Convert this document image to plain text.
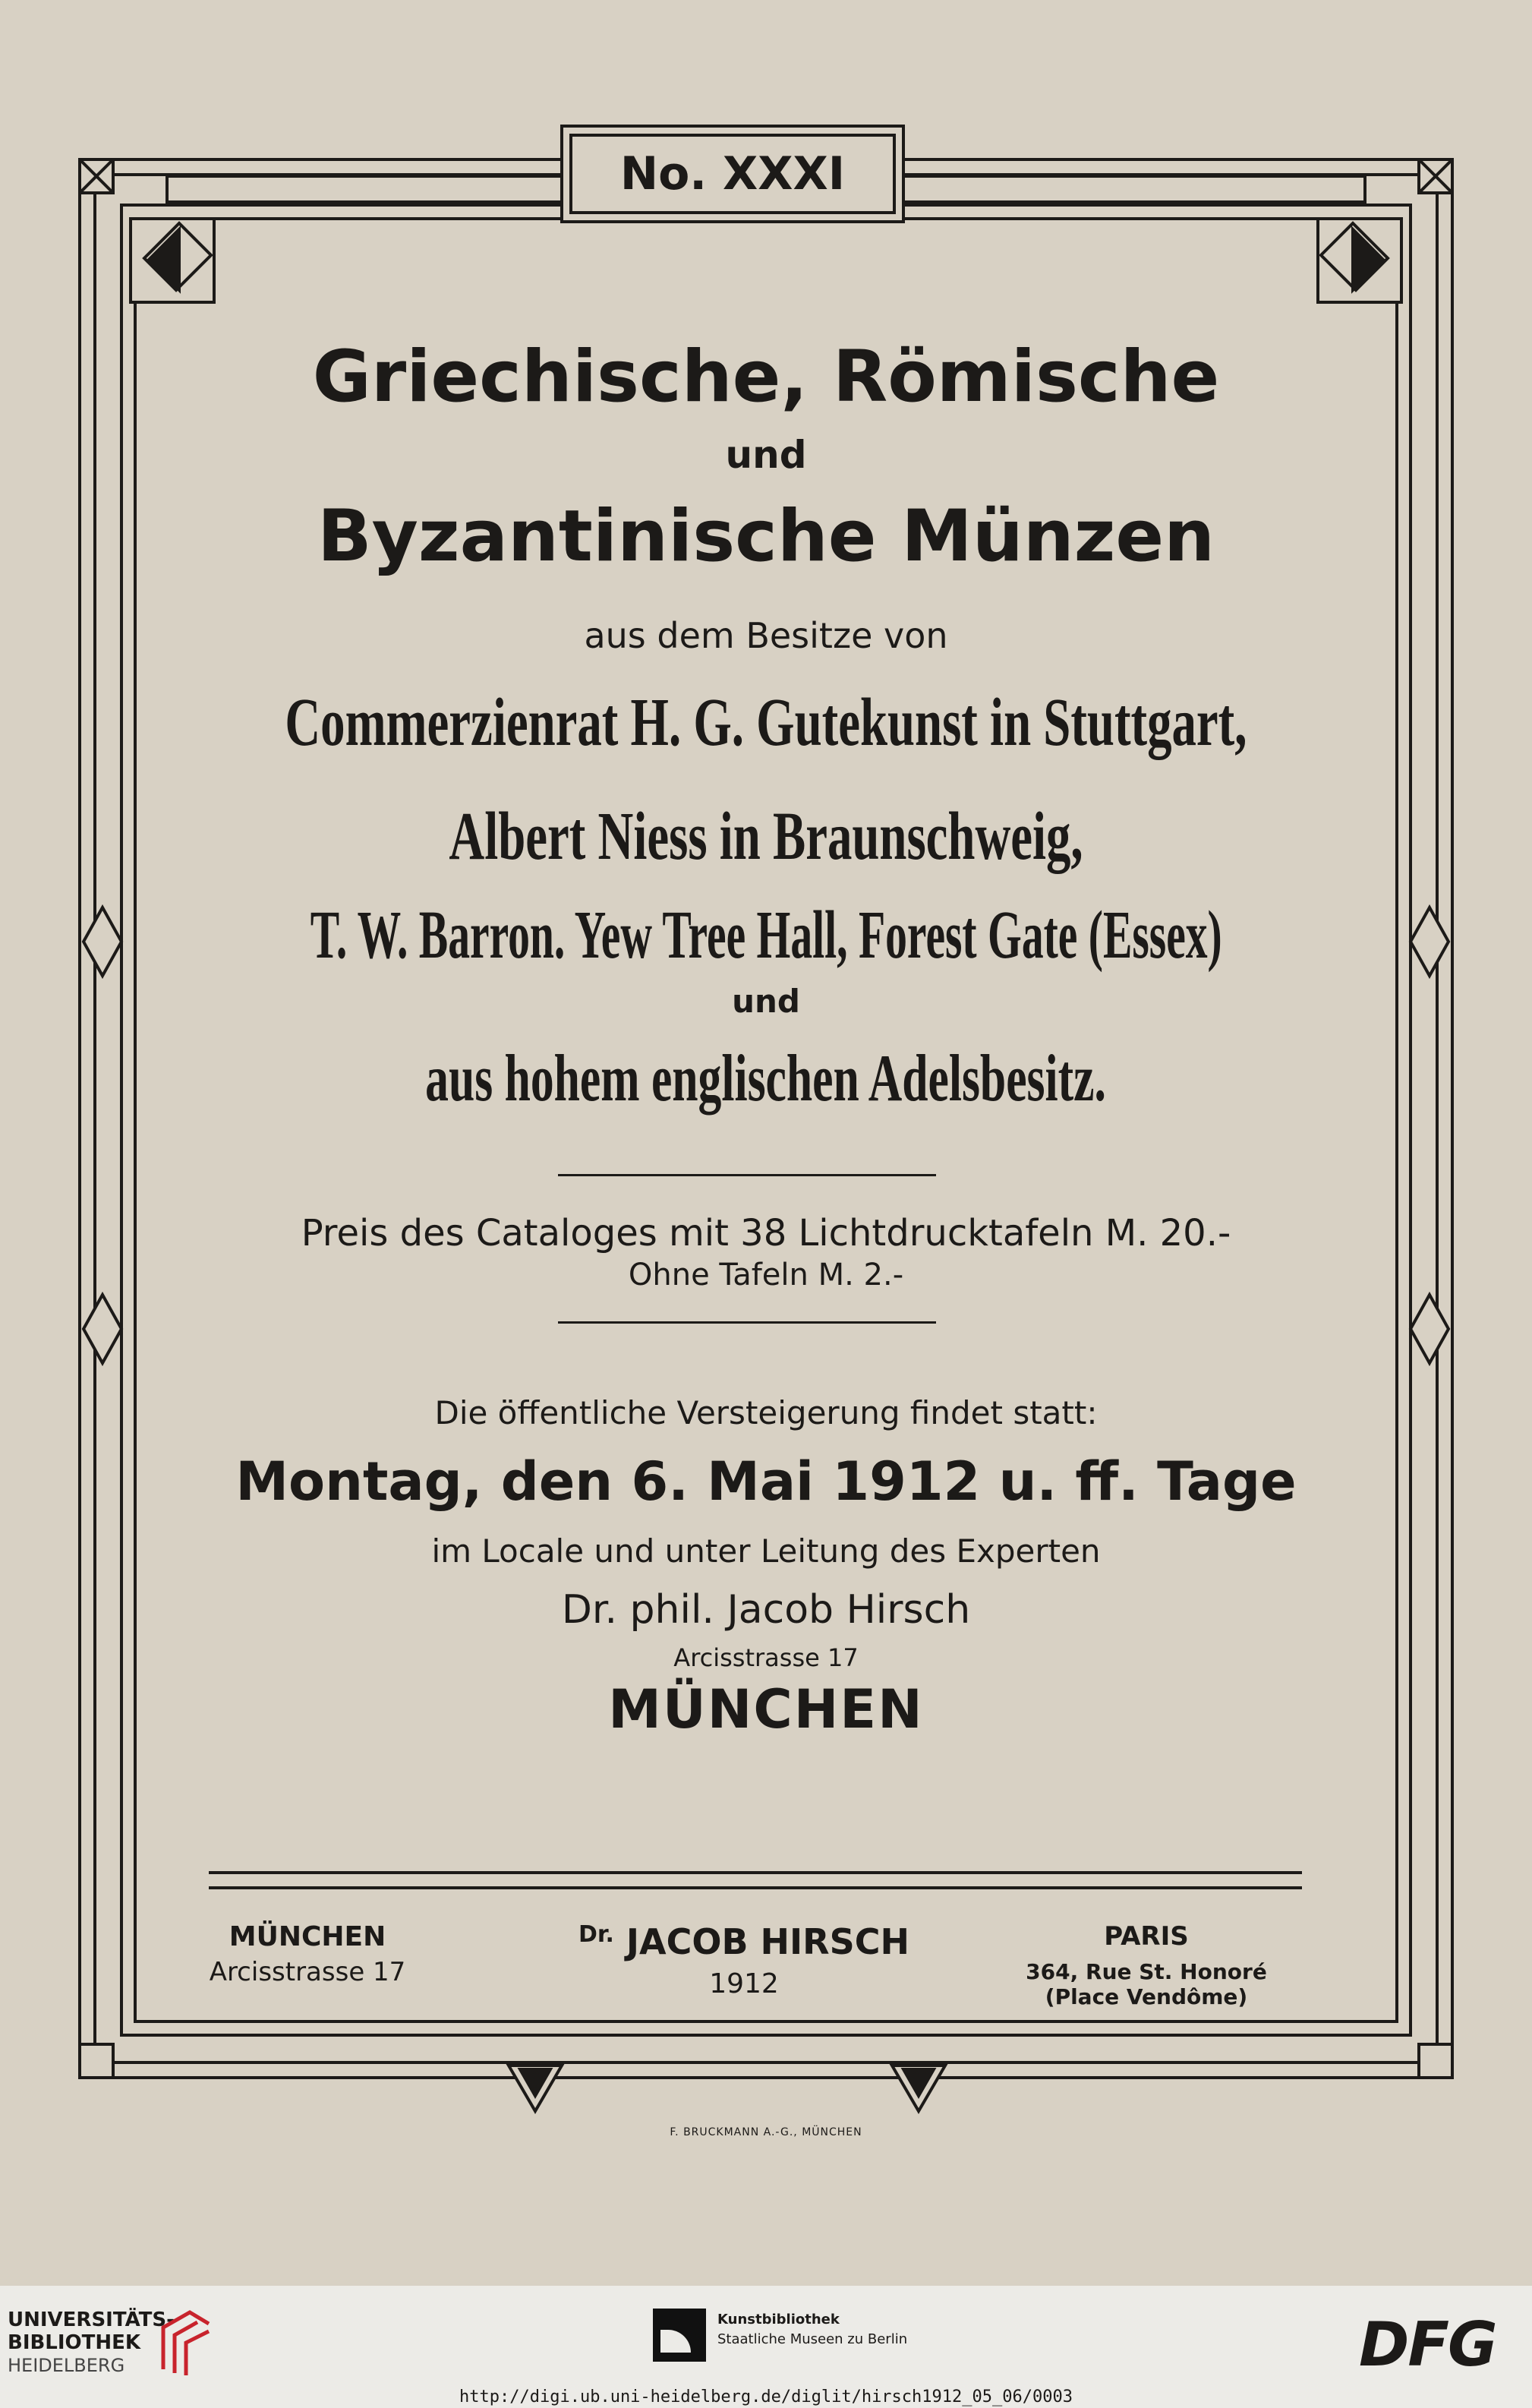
No. XXXI
Griechische, Römische
und
Byzantinische Münzen
aus dem Besitze von
Commerzienrat H. G. Gutekunst in Stuttgart,
Albert Niess in Braunschweig,
T. W. Barron. Yew Tree Hall, Forest Gate (Essex)
und
aus hohem englischen Adelsbesitz.
Preis des Cataloges mit 38 Lichtdrucktafeln M. 20.-
Ohne Tafeln M. 2.-
Die öffentliche Versteigerung findet statt:
Montag, den 6. Mai 1912 u. ff. Tage
im Locale und unter Leitung des Experten
Dr. phil. Jacob Hirsch
Arcisstrasse 17
MÜNCHEN
MÜNCHEN
Arcisstrasse 17
$^{Dr.}$ JACOB HIRSCH
1912
PARIS
364, Rue St. Honoré
(Place Vendôme)
F. BRUCKMANN A.-G., MÜNCHEN
UNIVERSITÄTS-
BIBLIOTHEK
HEIDELBERG
Kunstbibliothek
Staatliche Museen zu Berlin	DFG
http://digi.ub.uni-heidelberg.de/diglit/hirsch1912_05_06/0003
